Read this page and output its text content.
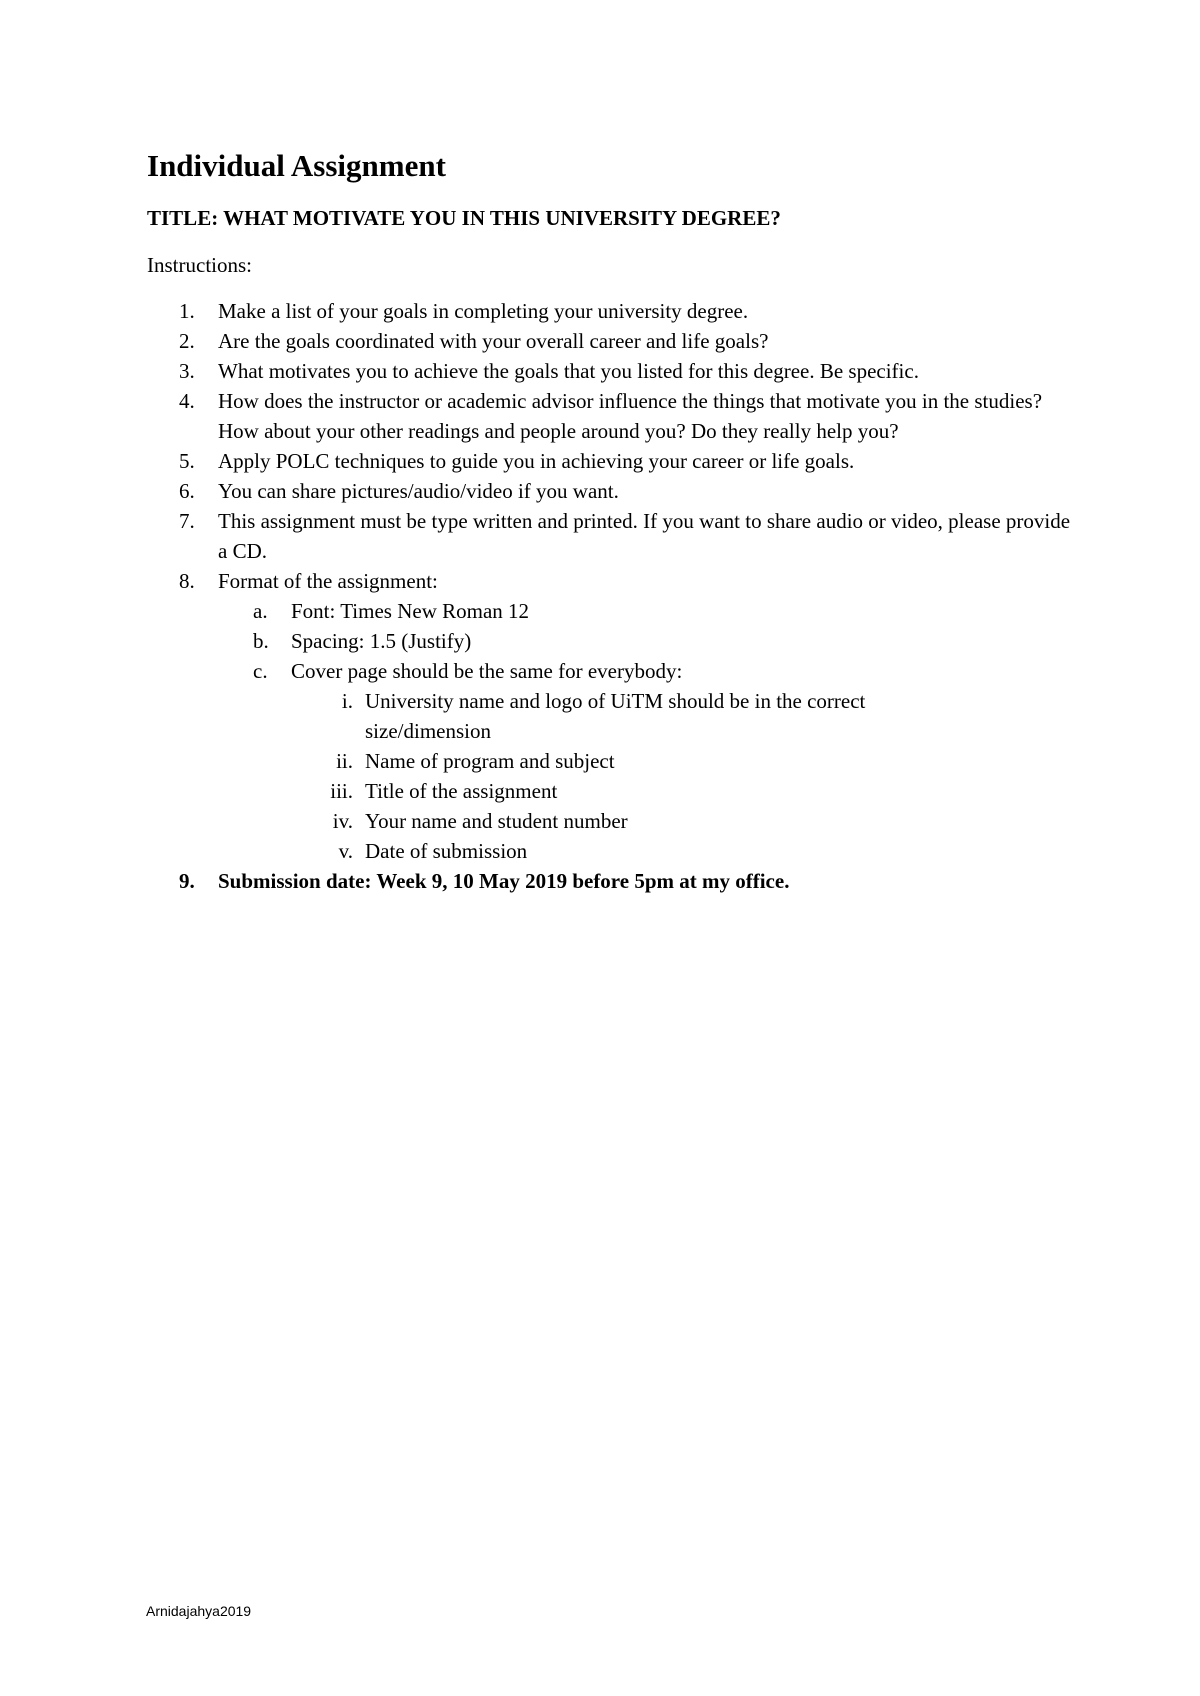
Individual Assignment

TITLE: WHAT MOTIVATE YOU IN THIS UNIVERSITY DEGREE?

Instructions:

1. Make a list of your goals in completing your university degree.
2. Are the goals coordinated with your overall career and life goals?
3. What motivates you to achieve the goals that you listed for this degree. Be specific.
4. How does the instructor or academic advisor influence the things that motivate you in the studies? How about your other readings and people around you? Do they really help you?
5. Apply POLC techniques to guide you in achieving your career or life goals.
6. You can share pictures/audio/video if you want.
7. This assignment must be type written and printed. If you want to share audio or video, please provide a CD.
8. Format of the assignment:
a. Font: Times New Roman 12
b. Spacing: 1.5 (Justify)
c. Cover page should be the same for everybody:
i. University name and logo of UiTM should be in the correct size/dimension
ii. Name of program and subject
iii. Title of the assignment
iv. Your name and student number
v. Date of submission
9. Submission date: Week 9, 10 May 2019 before 5pm at my office.
Arnidajahya2019
